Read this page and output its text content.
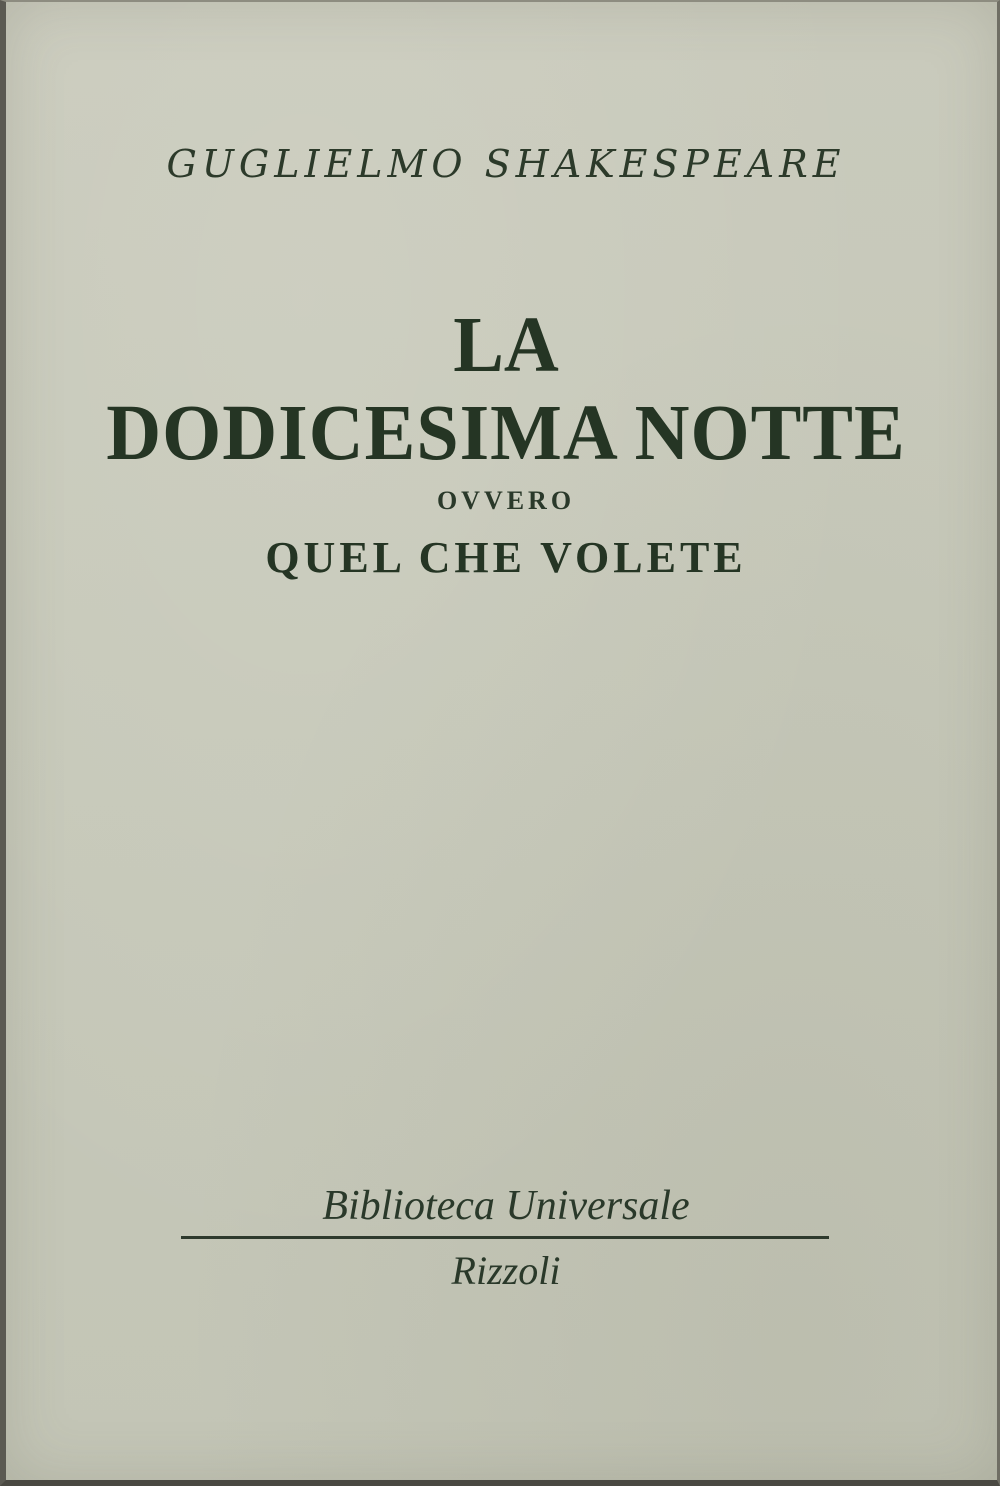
GUGLIELMO SHAKESPEARE
LA
DODICESIMA NOTTE
OVVERO
QUEL CHE VOLETE
Biblioteca Universale
Rizzoli
